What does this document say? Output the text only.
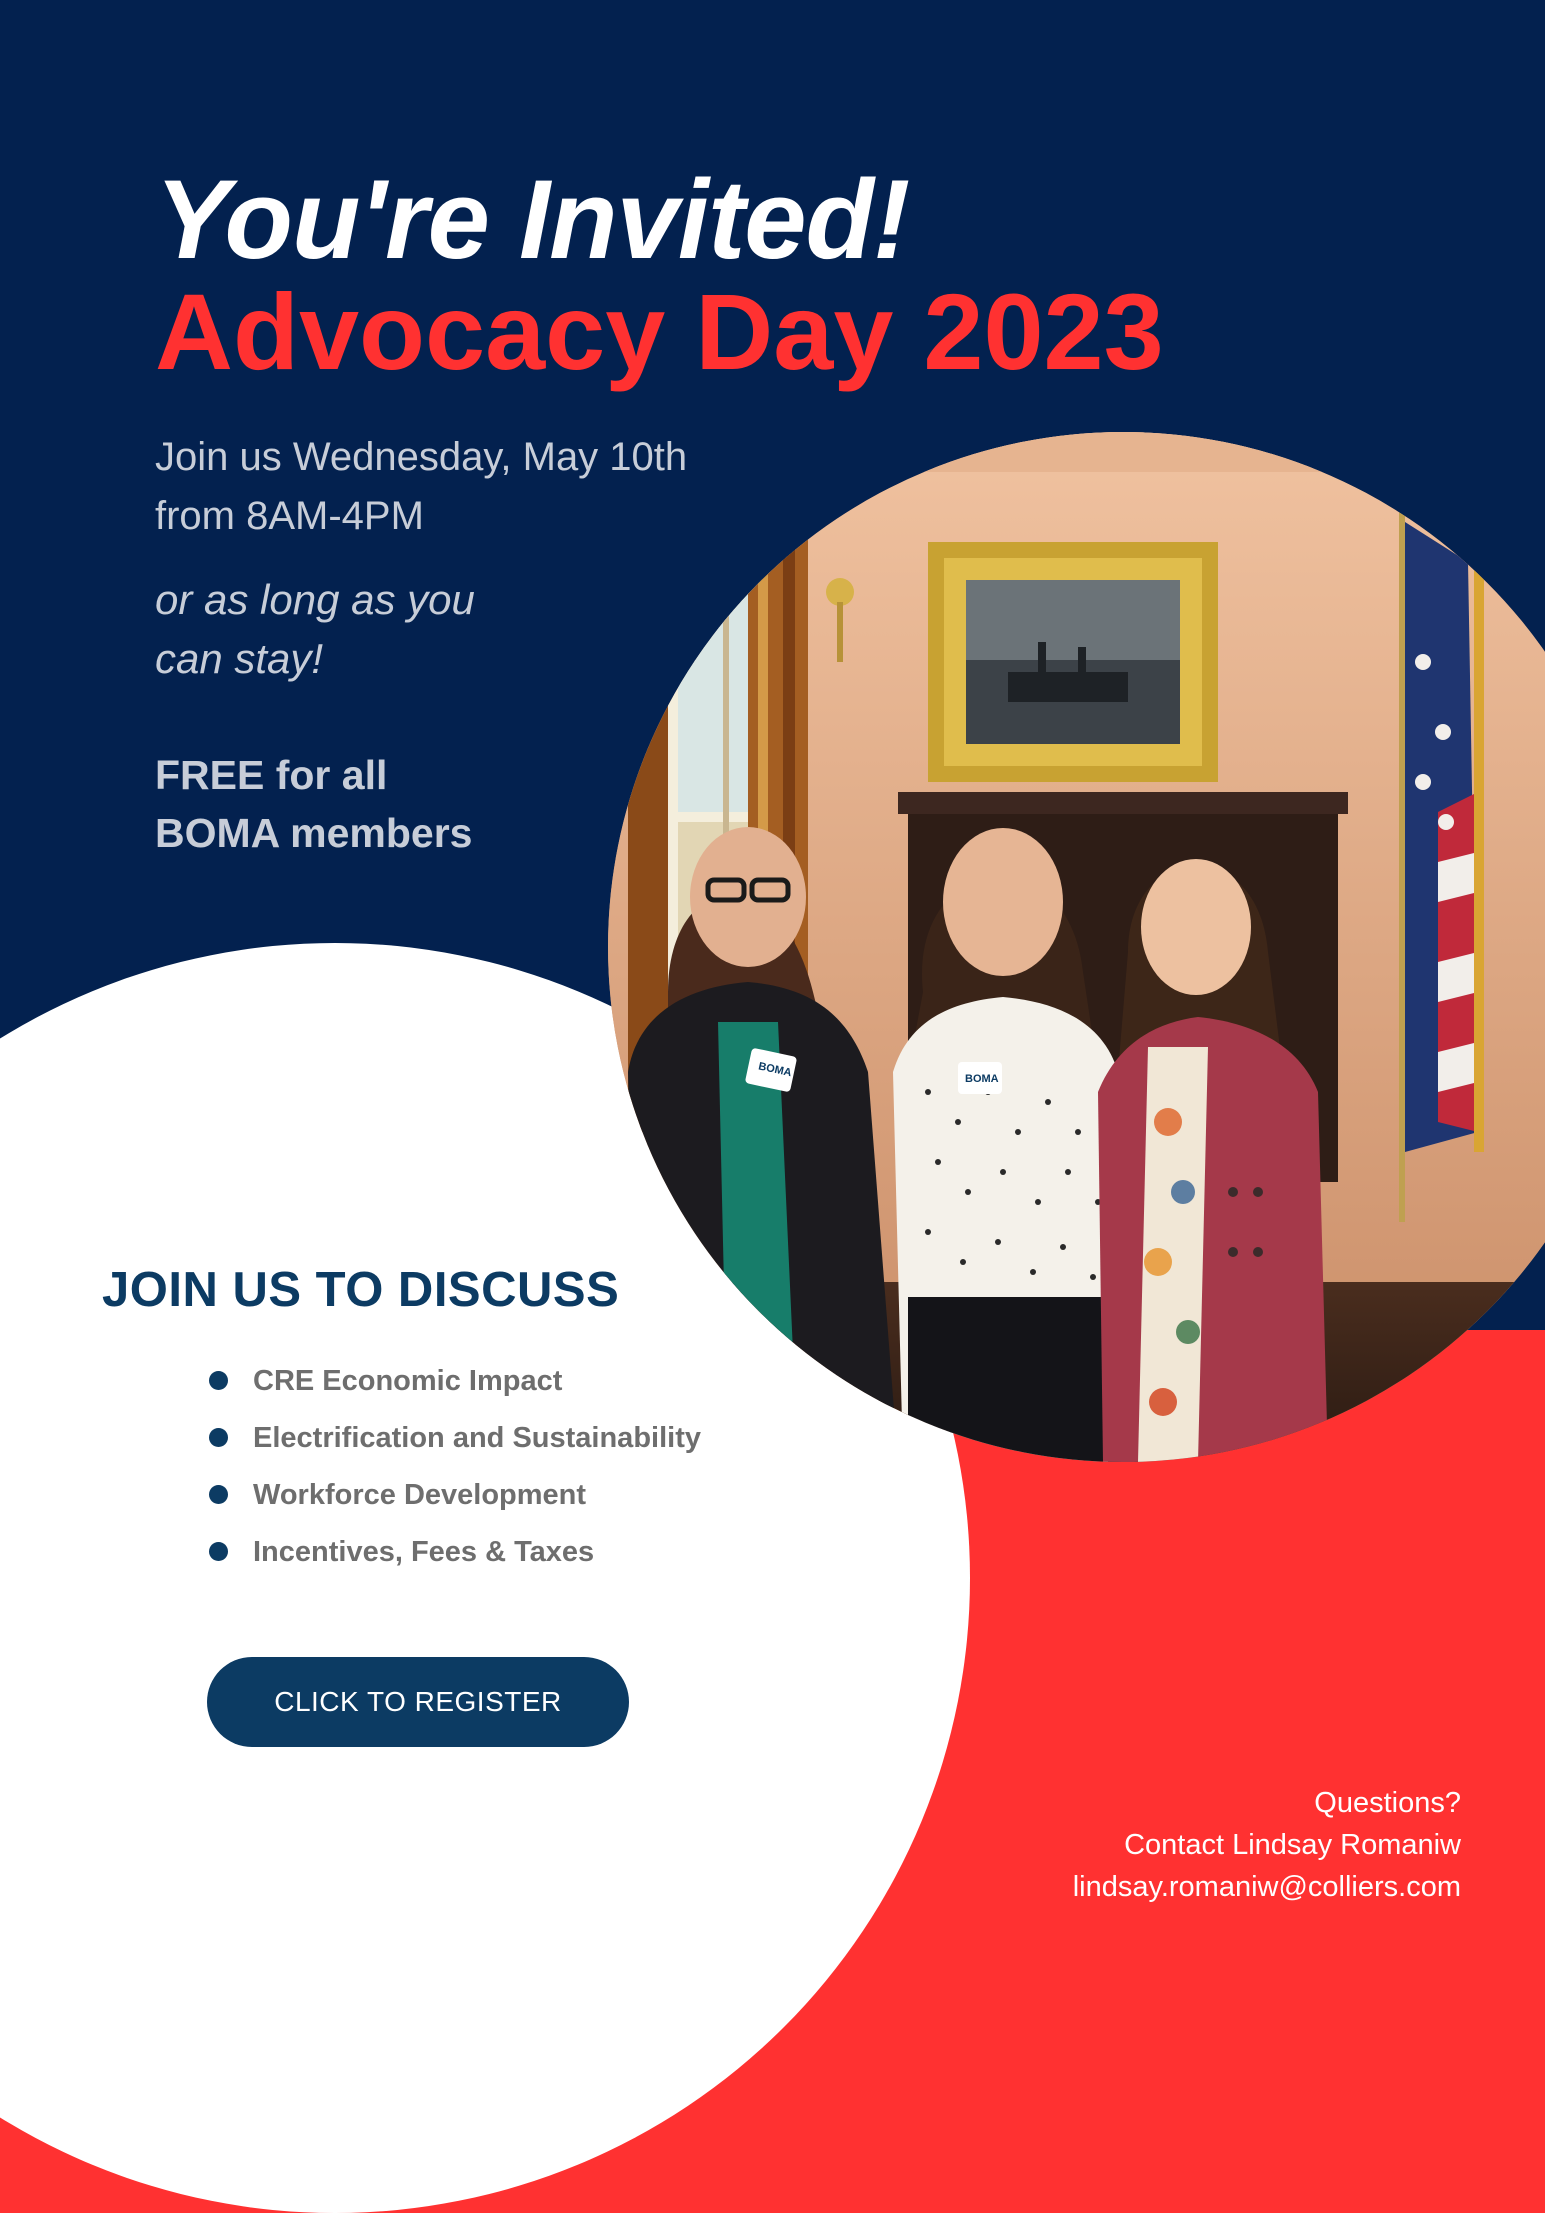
BOMA	BOMA
You're Invited!
Advocacy Day 2023
Join us Wednesday, May 10th
from 8AM-4PM
or as long as you
can stay!
FREE for all
BOMA members
JOIN US TO DISCUSS
CRE Economic Impact
Electrification and Sustainability
Workforce Development
Incentives, Fees & Taxes
CLICK TO REGISTER
Questions?
Contact Lindsay Romaniw
lindsay.romaniw@colliers.com
